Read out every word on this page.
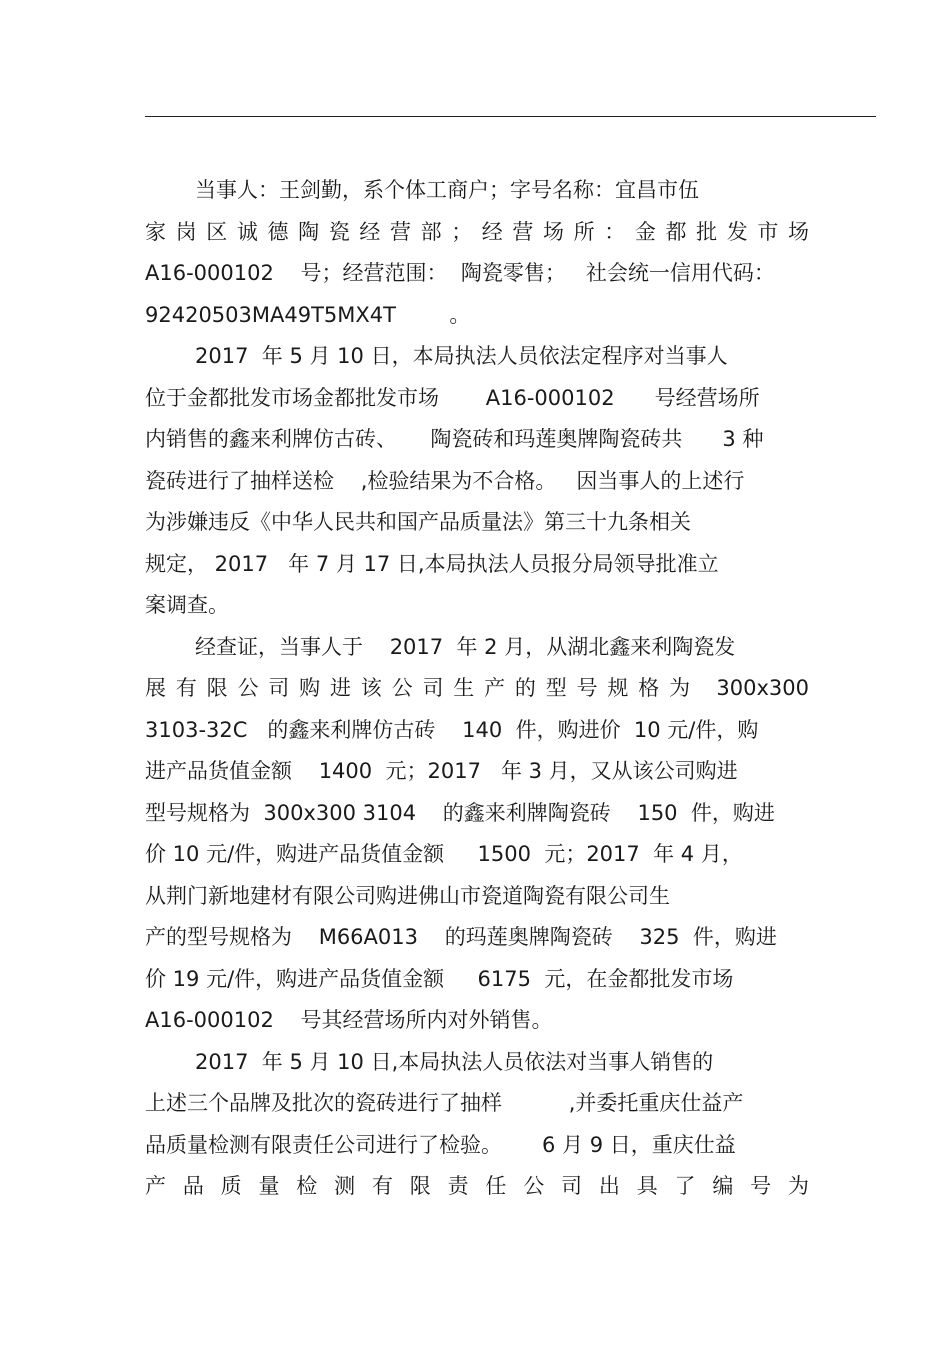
当事人：王剑勤，系个体工商户；字号名称：宜昌市伍
家岗区诚德陶瓷经营部；经营场所：金都批发市场
A16-000102    号；经营范围：  陶瓷零售；   社会统一信用代码：
92420503MA49T5MX4T        。
2017  年 5 月 10 日，本局执法人员依法定程序对当事人
位于金都批发市场金都批发市场       A16-000102      号经营场所
内销售的鑫来利牌仿古砖、     陶瓷砖和玛莲奥牌陶瓷砖共      3 种
瓷砖进行了抽样送检    ,检验结果为不合格。   因当事人的上述行
为涉嫌违反《中华人民共和国产品质量法》第三十九条相关
规定， 2017   年 7 月 17 日,本局执法人员报分局领导批准立
案调查。
经查证，当事人于    2017  年 2 月，从湖北鑫来利陶瓷发
展有限公司购进该公司生产的型号规格为 300x300
3103-32C   的鑫来利牌仿古砖    140  件，购进价  10 元/件，购
进产品货值金额    1400  元；2017   年 3 月，又从该公司购进
型号规格为  300x300 3104    的鑫来利牌陶瓷砖    150  件，购进
价 10 元/件，购进产品货值金额     1500  元；2017  年 4 月，
从荆门新地建材有限公司购进佛山市瓷道陶瓷有限公司生
产的型号规格为    M66A013    的玛莲奥牌陶瓷砖    325  件，购进
价 19 元/件，购进产品货值金额     6175  元，在金都批发市场
A16-000102    号其经营场所内对外销售。
2017  年 5 月 10 日,本局执法人员依法对当事人销售的
上述三个品牌及批次的瓷砖进行了抽样          ,并委托重庆仕益产
品质量检测有限责任公司进行了检验。      6 月 9 日，重庆仕益
产品质量检测有限责任公司出具了编号为
